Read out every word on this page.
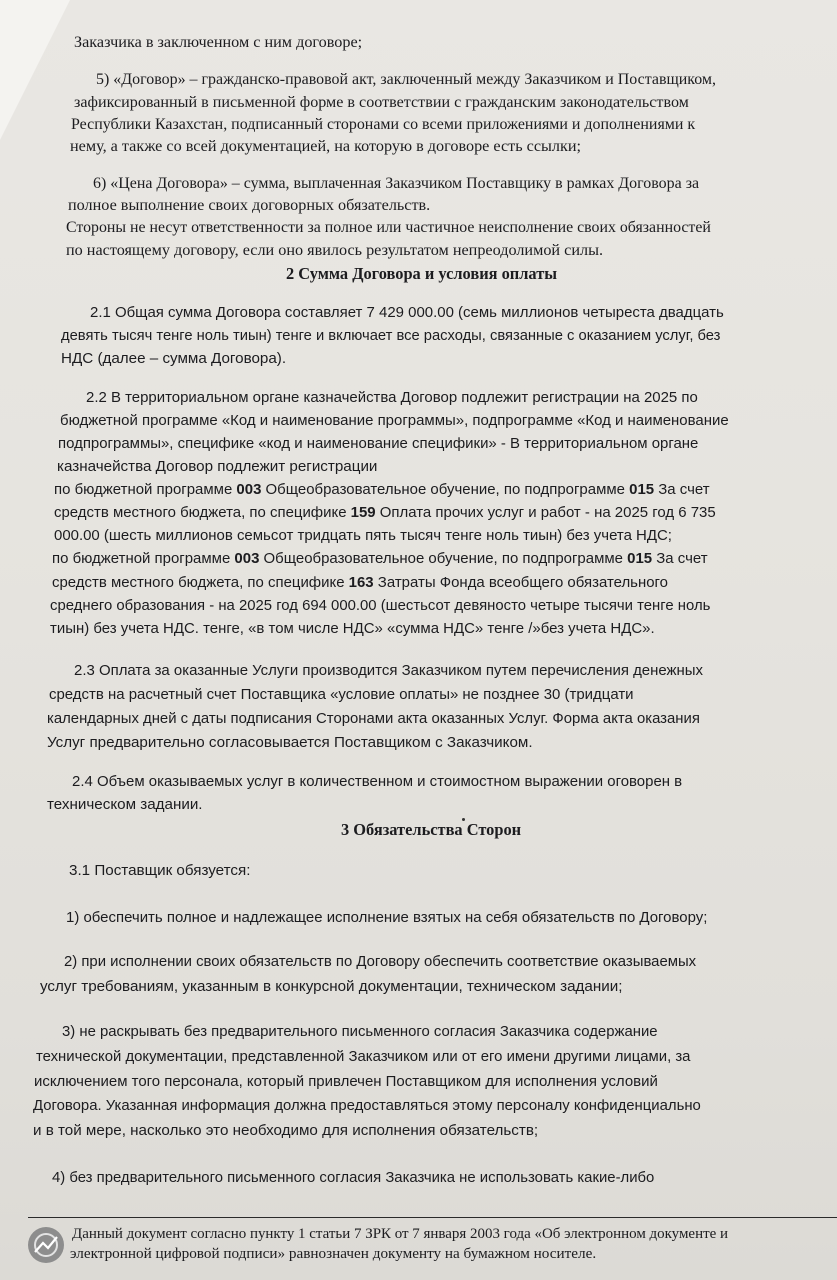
Заказчика в заключенном с ним договоре;
5) «Договор» – гражданско-правовой акт, заключенный между Заказчиком и Поставщиком,
зафиксированный в письменной форме в соответствии с гражданским законодательством
Республики Казахстан, подписанный сторонами со всеми приложениями и дополнениями к
нему, а также со всей документацией, на которую в договоре есть ссылки;
6) «Цена Договора» – сумма, выплаченная Заказчиком Поставщику в рамках Договора за
полное выполнение своих договорных обязательств.
Стороны не несут ответственности за полное или частичное неисполнение своих обязанностей
по настоящему договору, если оно явилось результатом непреодолимой силы.
2 Сумма Договора и условия оплаты
2.1 Общая сумма Договора составляет 7 429 000.00 (семь миллионов четыреста двадцать
девять тысяч тенге ноль тиын) тенге и включает все расходы, связанные с оказанием услуг, без
НДС (далее – сумма Договора).
2.2 В территориальном органе казначейства Договор подлежит регистрации на 2025 по
бюджетной программе «Код и наименование программы», подпрограмме «Код и наименование
подпрограммы», специфике «код и наименование специфики» - В территориальном органе
казначейства Договор подлежит регистрации
по бюджетной программе 003 Общеобразовательное обучение, по подпрограмме 015 За счет
средств местного бюджета, по специфике 159 Оплата прочих услуг и работ - на 2025 год 6 735
000.00 (шесть миллионов семьсот тридцать пять тысяч тенге ноль тиын) без учета НДС;
по бюджетной программе 003 Общеобразовательное обучение, по подпрограмме 015 За счет
средств местного бюджета, по специфике 163 Затраты Фонда всеобщего обязательного
среднего образования - на 2025 год 694 000.00 (шестьсот девяносто четыре тысячи тенге ноль
тиын) без учета НДС. тенге, «в том числе НДС» «сумма НДС» тенге /»без учета НДС».
2.3 Оплата за оказанные Услуги производится Заказчиком путем перечисления денежных
средств на расчетный счет Поставщика «условие оплаты» не позднее 30 (тридцати
календарных дней с даты подписания Сторонами акта оказанных Услуг. Форма акта оказания
Услуг предварительно согласовывается Поставщиком с Заказчиком.
2.4 Объем оказываемых услуг в количественном и стоимостном выражении оговорен в
техническом задании.
3 Обязательства Сторон
3.1 Поставщик обязуется:
1) обеспечить полное и надлежащее исполнение взятых на себя обязательств по Договору;
2) при исполнении своих обязательств по Договору обеспечить соответствие оказываемых
услуг требованиям, указанным в конкурсной документации, техническом задании;
3) не раскрывать без предварительного письменного согласия Заказчика содержание
технической документации, представленной Заказчиком или от его имени другими лицами, за
исключением того персонала, который привлечен Поставщиком для исполнения условий
Договора. Указанная информация должна предоставляться этому персоналу конфиденциально
и в той мере, насколько это необходимо для исполнения обязательств;
4) без предварительного письменного согласия Заказчика не использовать какие-либо
Данный документ согласно пункту 1 статьи 7 ЗРК от 7 января 2003 года «Об электронном документе и
электронной цифровой подписи» равнозначен документу на бумажном носителе.
